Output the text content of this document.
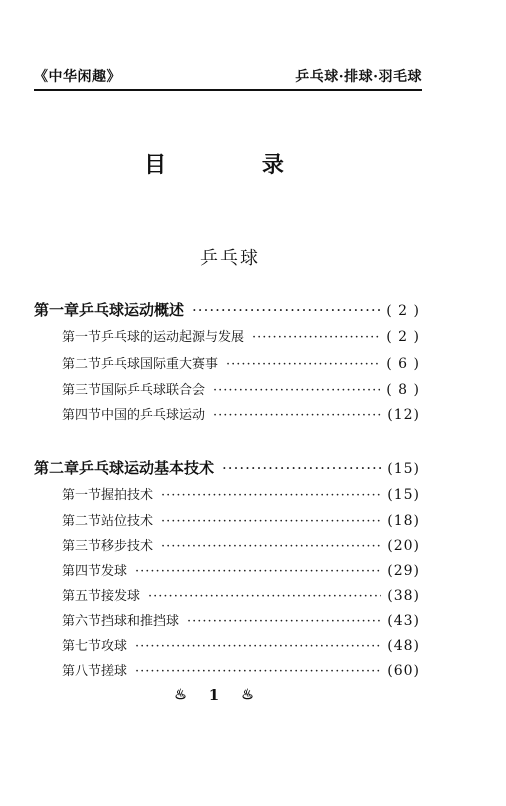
《中华闲趣》	乒乓球·排球·羽毛球
目 录
乒乓球
第一章 乒乓球运动概述 ·····	( 2 )
第一节 乒乓球的运动起源与发展 ·····	( 2 )
第二节 乒乓球国际重大赛事 ·····	( 6 )
第三节 国际乒乓球联合会 ·····	( 8 )
第四节 中国的乒乓球运动 ·····	(12)
第二章 乒乓球运动基本技术 ·····	(15)
第一节 握拍技术 ·····	(15)
第二节 站位技术 ·····	(18)
第三节 移步技术 ·····	(20)
第四节 发球 ·····	(29)
第五节 接发球 ·····	(38)
第六节 挡球和推挡球 ·····	(43)
第七节 攻球 ·····	(48)
第八节 搓球 ·····	(60)
♨ 1 ♨
